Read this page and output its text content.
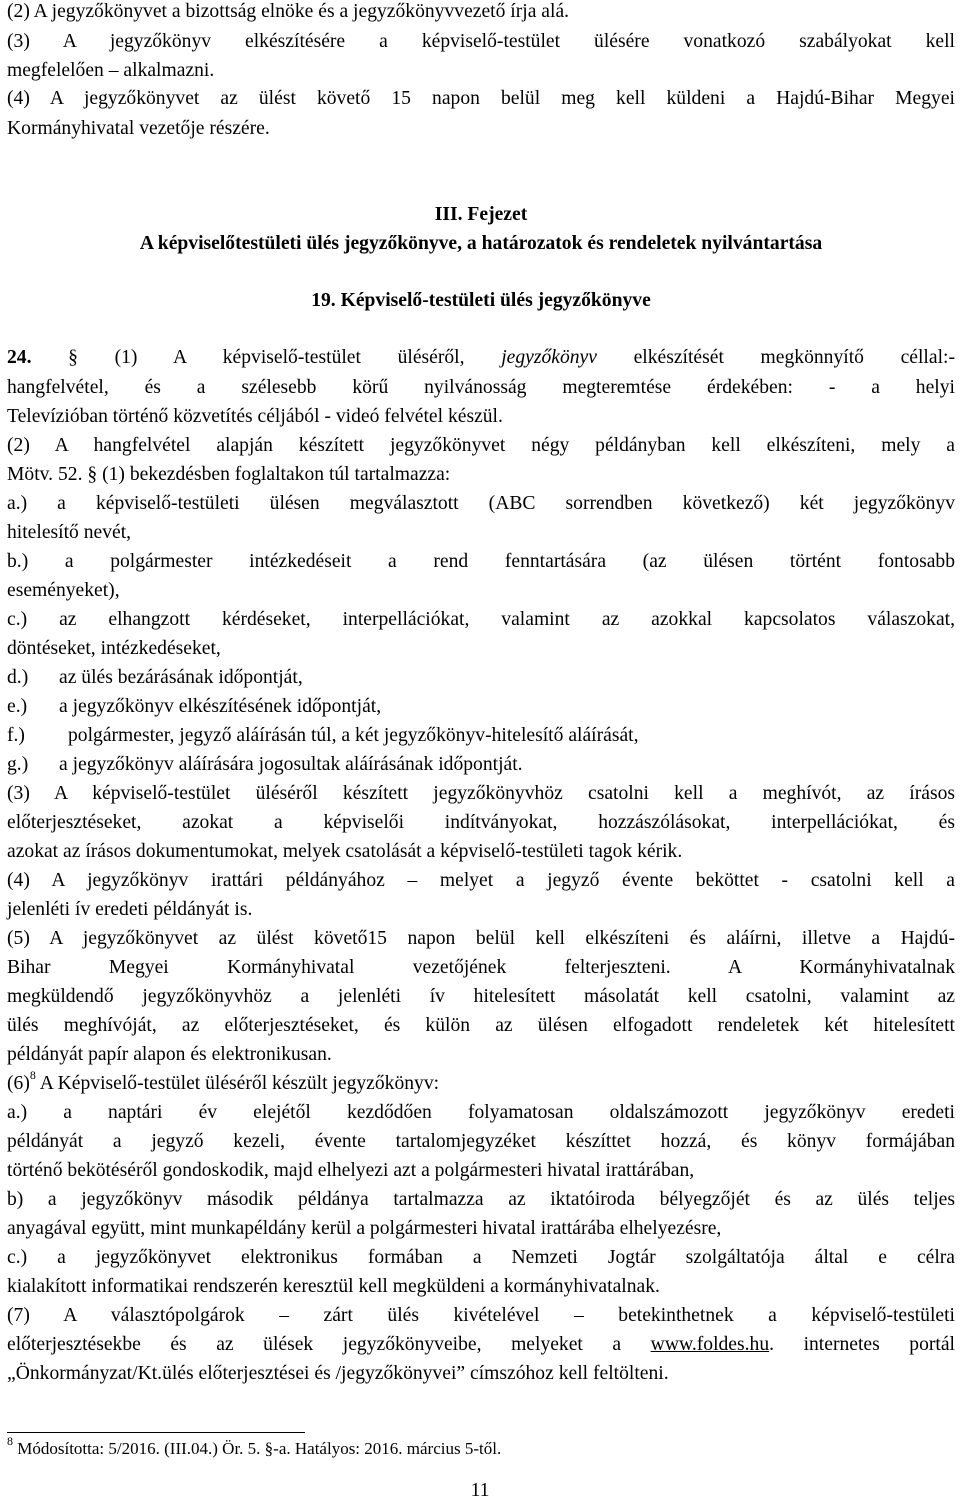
(2) A jegyzőkönyvet a bizottság elnöke és a jegyzőkönyvvezető írja alá.
(3) A jegyzőkönyv elkészítésére a képviselő-testület ülésére vonatkozó szabályokat kell
megfelelően – alkalmazni.
(4) A jegyzőkönyvet az ülést követő 15 napon belül meg kell küldeni a Hajdú-Bihar Megyei
Kormányhivatal vezetője részére.
III. Fejezet
A képviselőtestületi ülés jegyzőkönyve, a határozatok és rendeletek nyilvántartása
19. Képviselő-testületi ülés jegyzőkönyve
24. § (1) A képviselő-testület üléséről, jegyzőkönyv elkészítését megkönnyítő céllal:-
hangfelvétel, és a szélesebb körű nyilvánosság megteremtése érdekében: - a helyi
Televízióban történő közvetítés céljából - videó felvétel készül.
(2) A hangfelvétel alapján készített jegyzőkönyvet négy példányban kell elkészíteni, mely a
Mötv. 52. § (1) bekezdésben foglaltakon túl tartalmazza:
a.) a képviselő-testületi ülésen megválasztott (ABC sorrendben következő) két jegyzőkönyv
hitelesítő nevét,
b.) a polgármester intézkedéseit a rend fenntartására (az ülésen történt fontosabb
eseményeket),
c.) az elhangzott kérdéseket, interpellációkat, valamint az azokkal kapcsolatos válaszokat,
döntéseket, intézkedéseket,
d.) az ülés bezárásának időpontját,
e.) a jegyzőkönyv elkészítésének időpontját,
f.) polgármester, jegyző aláírásán túl, a két jegyzőkönyv-hitelesítő aláírását,
g.) a jegyzőkönyv aláírására jogosultak aláírásának időpontját.
(3) A képviselő-testület üléséről készített jegyzőkönyvhöz csatolni kell a meghívót, az írásos
előterjesztéseket, azokat a képviselői indítványokat, hozzászólásokat, interpellációkat, és
azokat az írásos dokumentumokat, melyek csatolását a képviselő-testületi tagok kérik.
(4) A jegyzőkönyv irattári példányához – melyet a jegyző évente beköttet - csatolni kell a
jelenléti ív eredeti példányát is.
(5) A jegyzőkönyvet az ülést követő15 napon belül kell elkészíteni és aláírni, illetve a Hajdú-
Bihar Megyei Kormányhivatal vezetőjének felterjeszteni. A Kormányhivatalnak
megküldendő jegyzőkönyvhöz a jelenléti ív hitelesített másolatát kell csatolni, valamint az
ülés meghívóját, az előterjesztéseket, és külön az ülésen elfogadott rendeletek két hitelesített
példányát papír alapon és elektronikusan.
$(6)^8$ A Képviselő-testület üléséről készült jegyzőkönyv:
a.) a naptári év elejétől kezdődően folyamatosan oldalszámozott jegyzőkönyv eredeti
példányát a jegyző kezeli, évente tartalomjegyzéket készíttet hozzá, és könyv formájában
történő bekötéséről gondoskodik, majd elhelyezi azt a polgármesteri hivatal irattárában,
b) a jegyzőkönyv második példánya tartalmazza az iktatóiroda bélyegzőjét és az ülés teljes
anyagával együtt, mint munkapéldány kerül a polgármesteri hivatal irattárába elhelyezésre,
c.) a jegyzőkönyvet elektronikus formában a Nemzeti Jogtár szolgáltatója által e célra
kialakított informatikai rendszerén keresztül kell megküldeni a kormányhivatalnak.
(7) A választópolgárok – zárt ülés kivételével – betekinthetnek a képviselő-testületi
előterjesztésekbe és az ülések jegyzőkönyveibe, melyeket a www.foldes.hu. internetes portál
„Önkormányzat/Kt.ülés előterjesztései és /jegyzőkönyvei” címszóhoz kell feltölteni.
$^8$ Módosította: 5/2016. (III.04.) Ör. 5. §-a. Hatályos: 2016. március 5-től.
11
